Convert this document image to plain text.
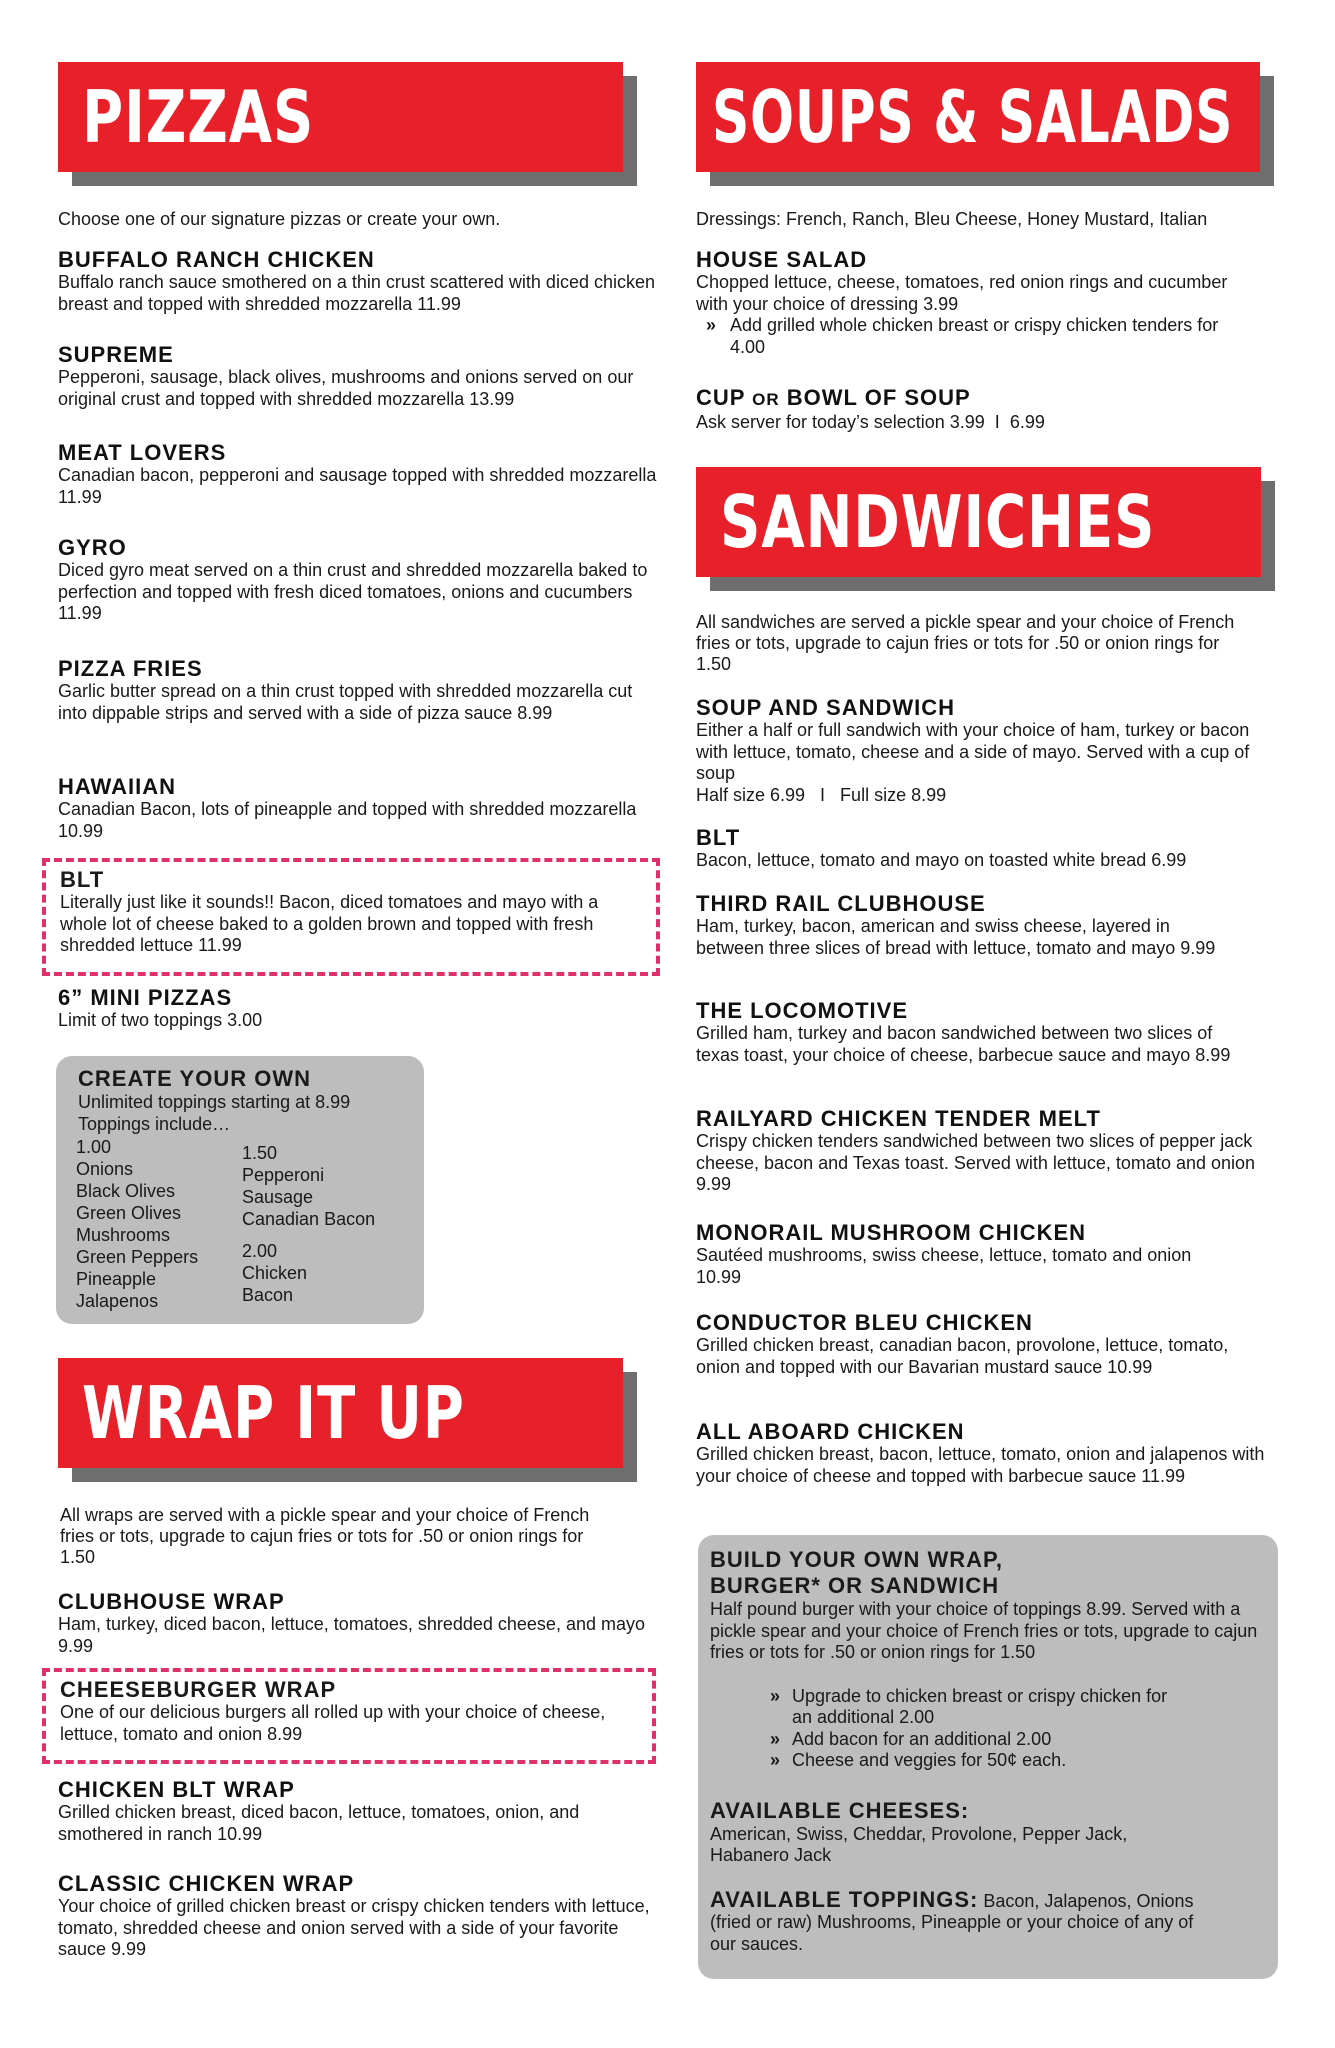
PIZZAS

Choose one of our signature pizzas or create your own.

BUFFALO RANCH CHICKEN

Buffalo ranch sauce smothered on a thin crust scattered with diced chicken breast and topped with shredded mozzarella 11.99

SUPREME

Pepperoni, sausage, black olives, mushrooms and onions served on our original crust and topped with shredded mozzarella 13.99

MEAT LOVERS

Canadian bacon, pepperoni and sausage topped with shredded mozzarella 11.99

GYRO

Diced gyro meat served on a thin crust and shredded mozzarella baked to perfection and topped with fresh diced tomatoes, onions and cucumbers 11.99

PIZZA FRIES

Garlic butter spread on a thin crust topped with shredded mozzarella cut into dippable strips and served with a side of pizza sauce 8.99

HAWAIIAN

Canadian Bacon, lots of pineapple and topped with shredded mozzarella 10.99

BLT

Literally just like it sounds!! Bacon, diced tomatoes and mayo with a whole lot of cheese baked to a golden brown and topped with fresh shredded lettuce 11.99

6” MINI PIZZAS

Limit of two toppings 3.00

CREATE YOUR OWN

Unlimited toppings starting at 8.99

Toppings include…

1.00
Onions
Black Olives
Green Olives
Mushrooms
Green Peppers
Pineapple
Jalapenos
1.50
Pepperoni
Sausage
Canadian Bacon
2.00
Chicken
Bacon
WRAP IT UP

All wraps are served with a pickle spear and your choice of French fries or tots, upgrade to cajun fries or tots for .50 or onion rings for 1.50

CLUBHOUSE WRAP

Ham, turkey, diced bacon, lettuce, tomatoes, shredded cheese, and mayo 9.99

CHEESEBURGER WRAP

One of our delicious burgers all rolled up with your choice of cheese, lettuce, tomato and onion 8.99

CHICKEN BLT WRAP

Grilled chicken breast, diced bacon, lettuce, tomatoes, onion, and smothered in ranch 10.99

CLASSIC CHICKEN WRAP

Your choice of grilled chicken breast or crispy chicken tenders with lettuce, tomato, shredded cheese and onion served with a side of your favorite sauce 9.99

SOUPS & SALADS

Dressings: French, Ranch, Bleu Cheese, Honey Mustard, Italian

HOUSE SALAD

Chopped lettuce, cheese, tomatoes, red onion rings and cucumber with your choice of dressing 3.99

» Add grilled whole chicken breast or crispy chicken tenders for 4.00

CUP OR BOWL OF SOUP

Ask server for today’s selection 3.99  I  6.99

SANDWICHES

All sandwiches are served a pickle spear and your choice of French fries or tots, upgrade to cajun fries or tots for .50 or onion rings for 1.50

SOUP AND SANDWICH

Either a half or full sandwich with your choice of ham, turkey or bacon with lettuce, tomato, cheese and a side of mayo. Served with a cup of soup

Half size 6.99   I   Full size 8.99

BLT

Bacon, lettuce, tomato and mayo on toasted white bread 6.99

THIRD RAIL CLUBHOUSE

Ham, turkey, bacon, american and swiss cheese, layered in between three slices of bread with lettuce, tomato and mayo 9.99

THE LOCOMOTIVE

Grilled ham, turkey and bacon sandwiched between two slices of texas toast, your choice of cheese, barbecue sauce and mayo 8.99

RAILYARD CHICKEN TENDER MELT

Crispy chicken tenders sandwiched between two slices of pepper jack cheese, bacon and Texas toast. Served with lettuce, tomato and onion 9.99

MONORAIL MUSHROOM CHICKEN

Sautéed mushrooms, swiss cheese, lettuce, tomato and onion 10.99

CONDUCTOR BLEU CHICKEN

Grilled chicken breast, canadian bacon, provolone, lettuce, tomato, onion and topped with our Bavarian mustard sauce 10.99

ALL ABOARD CHICKEN

Grilled chicken breast, bacon, lettuce, tomato, onion and jalapenos with your choice of cheese and topped with barbecue sauce 11.99

BUILD YOUR OWN WRAP,
BURGER* OR SANDWICH

Half pound burger with your choice of toppings 8.99. Served with a pickle spear and your choice of French fries or tots, upgrade to cajun fries or tots for .50 or onion rings for 1.50

» Upgrade to chicken breast or crispy chicken for an additional 2.00

» Add bacon for an additional 2.00

» Cheese and veggies for 50¢ each.

AVAILABLE CHEESES:

American, Swiss, Cheddar, Provolone, Pepper Jack, Habanero Jack

AVAILABLE TOPPINGS: Bacon, Jalapenos, Onions (fried or raw) Mushrooms, Pineapple or your choice of any of our sauces.
